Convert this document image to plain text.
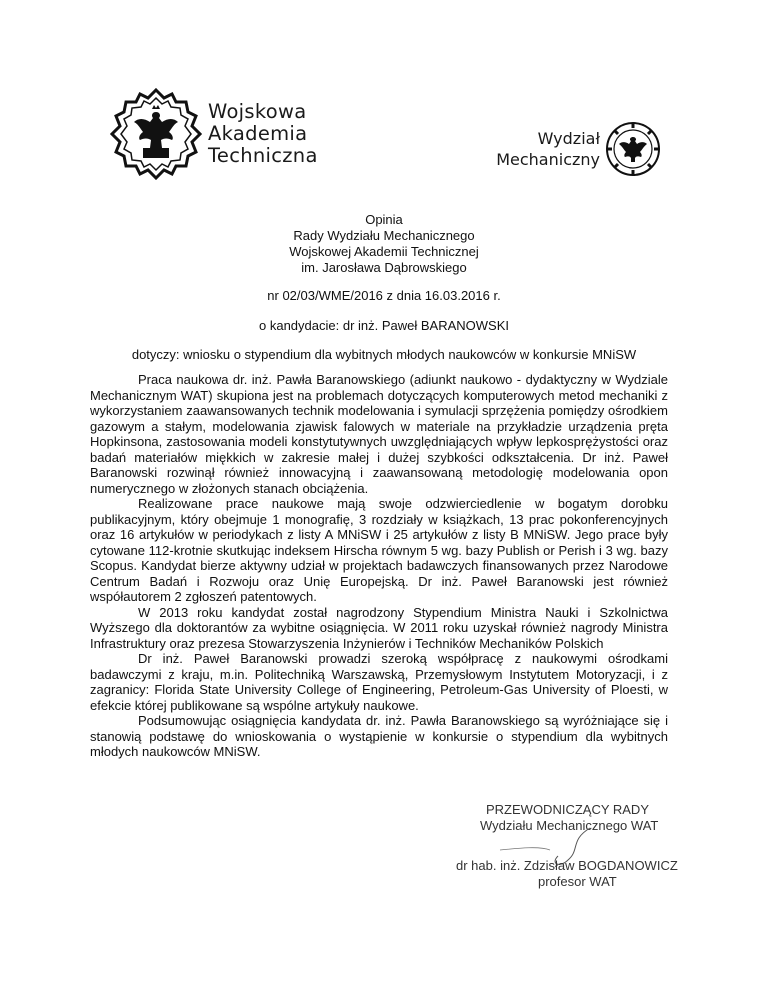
Wojskowa
Akademia
Techniczna
Wydział
Mechaniczny
Opinia
Rady Wydziału Mechanicznego
Wojskowej Akademii Technicznej
im. Jarosława Dąbrowskiego
nr 02/03/WME/2016 z dnia 16.03.2016 r.
o kandydacie: dr inż. Paweł BARANOWSKI
dotyczy: wniosku o stypendium dla wybitnych młodych naukowców w konkursie MNiSW

Praca naukowa dr. inż. Pawła Baranowskiego (adiunkt naukowo - dydaktyczny w Wydziale Mechanicznym WAT) skupiona jest na problemach dotyczących komputerowych metod mechaniki z wykorzystaniem zaawansowanych technik modelowania i symulacji sprzężenia pomiędzy ośrodkiem gazowym a stałym, modelowania zjawisk falowych w materiale na przykładzie urządzenia pręta Hopkinsona, zastosowania modeli konstytutywnych uwzględniających wpływ lepkosprężystości oraz badań materiałów miękkich w zakresie małej i dużej szybkości odkształcenia. Dr inż. Paweł Baranowski rozwinął również innowacyjną i zaawansowaną metodologię modelowania opon numerycznego w złożonych stanach obciążenia.

Realizowane prace naukowe mają swoje odzwierciedlenie w bogatym dorobku publikacyjnym, który obejmuje 1 monografię, 3 rozdziały w książkach, 13 prac pokonferencyjnych oraz 16 artykułów w periodykach z listy A MNiSW i 25 artykułów z listy B MNiSW. Jego prace były cytowane 112-krotnie skutkując indeksem Hirscha równym 5 wg. bazy Publish or Perish i 3 wg. bazy Scopus. Kandydat bierze aktywny udział w projektach badawczych finansowanych przez Narodowe Centrum Badań i Rozwoju oraz Unię Europejską. Dr inż. Paweł Baranowski jest również współautorem 2 zgłoszeń patentowych.

W 2013 roku kandydat został nagrodzony Stypendium Ministra Nauki i Szkolnictwa Wyższego dla doktorantów za wybitne osiągnięcia. W 2011 roku uzyskał również nagrody Ministra Infrastruktury oraz prezesa Stowarzyszenia Inżynierów i Techników Mechaników Polskich

Dr inż. Paweł Baranowski prowadzi szeroką współpracę z naukowymi ośrodkami badawczymi z kraju, m.in. Politechniką Warszawską, Przemysłowym Instytutem Motoryzacji, i z zagranicy: Florida State University College of Engineering, Petroleum-Gas University of Ploesti, w efekcie której publikowane są wspólne artykuły naukowe.

Podsumowując osiągnięcia kandydata dr. inż. Pawła Baranowskiego są wyróżniające się i stanowią podstawę do wnioskowania o wystąpienie w konkursie o stypendium dla wybitnych młodych naukowców MNiSW.

PRZEWODNICZĄCY RADY
Wydziału Mechanicznego WAT
dr hab. inż. Zdzisław BOGDANOWICZ
profesor WAT
